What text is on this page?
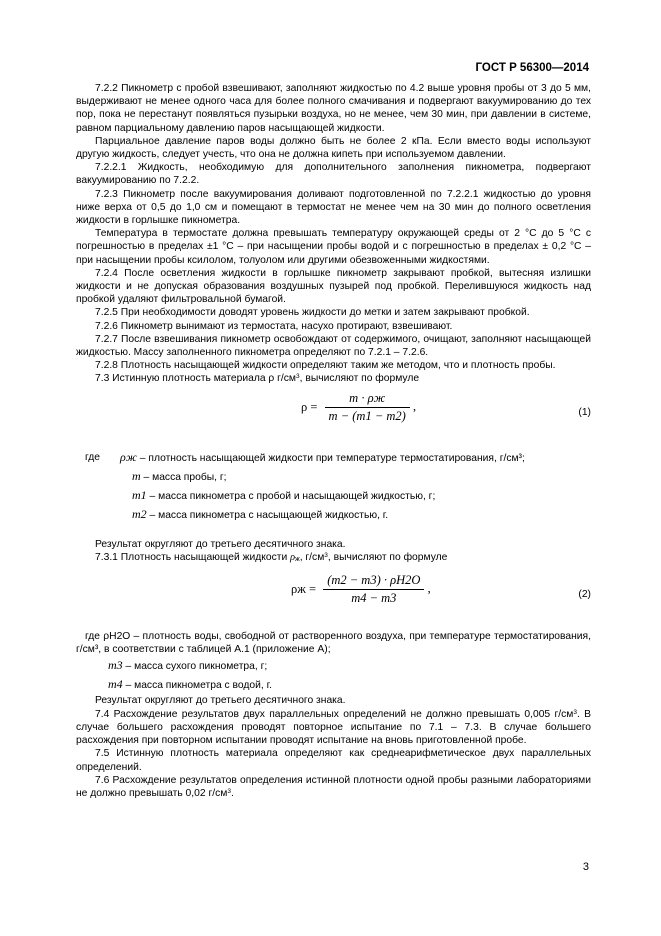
ГОСТ Р 56300—2014

7.2.2 Пикнометр с пробой взвешивают, заполняют жидкостью по 4.2 выше уровня пробы от 3 до 5 мм, выдерживают не менее одного часа для более полного смачивания и подвергают вакуумированию до тех пор, пока не перестанут появляться пузырьки воздуха, но не менее, чем 30 мин, при давлении в системе, равном парциальному давлению паров насыщающей жидкости.

Парциальное давление паров воды должно быть не более 2 кПа. Если вместо воды используют другую жидкость, следует учесть, что она не должна кипеть при используемом давлении.

7.2.2.1 Жидкость, необходимую для дополнительного заполнения пикнометра, подвергают вакуумированию по 7.2.2.

7.2.3 Пикнометр после вакуумирования доливают подготовленной по 7.2.2.1 жидкостью до уровня ниже верха от 0,5 до 1,0 см и помещают в термостат не менее чем на 30 мин до полного осветления жидкости в горлышке пикнометра.

Температура в термостате должна превышать температуру окружающей среды от 2 °С до 5 °С с погрешностью в пределах ±1 °С – при насыщении пробы водой и с погрешностью в пределах ± 0,2 °С – при насыщении пробы ксилолом, толуолом или другими обезвоженными жидкостями.

7.2.4 После осветления жидкости в горлышке пикнометр закрывают пробкой, вытесняя излишки жидкости и не допуская образования воздушных пузырей под пробкой. Перелившуюся жидкость над пробкой удаляют фильтровальной бумагой.

7.2.5 При необходимости доводят уровень жидкости до метки и затем закрывают пробкой.

7.2.6 Пикнометр вынимают из термостата, насухо протирают, взвешивают.

7.2.7 После взвешивания пикнометр освобождают от содержимого, очищают, заполняют насыщающей жидкостью. Массу заполненного пикнометра определяют по 7.2.1 – 7.2.6.

7.2.8 Плотность насыщающей жидкости определяют таким же методом, что и плотность пробы.

7.3 Истинную плотность материала ρ $г/см^3$, вычисляют по формуле

$\rho = \frac{m \cdot \rho ж}{m - (m1 - m2)}$ ,	(1)
где ρж – плотность насыщающей жидкости при температуре термостатирования, г/см³;
m – масса пробы, г;
m1 – масса пикнометра с пробой и насыщающей жидкостью, г;
m2 – масса пикнометра с насыщающей жидкостью, г.

Результат округляют до третьего десятичного знака.

7.3.1 Плотность насыщающей жидкости ρж, $г/см^3$, вычисляют по формуле

$\rho ж = \frac{(m2 - m3) \cdot \rho H2O}{m4 - m3}$ ,	(2)

где ρH2O – плотность воды, свободной от растворенного воздуха, при температуре термостатирования, г/см³, в соответствии с таблицей А.1 (приложение А);

m3 – масса сухого пикнометра, г;
m4 – масса пикнометра с водой, г.

Результат округляют до третьего десятичного знака.

7.4 Расхождение результатов двух параллельных определений не должно превышать 0,005 $г/см^3$. В случае большего расхождения проводят повторное испытание по 7.1 – 7.3. В случае большего расхождения при повторном испытании проводят испытание на вновь приготовленной пробе.

7.5 Истинную плотность материала определяют как среднеарифметическое двух параллельных определений.

7.6 Расхождение результатов определения истинной плотности одной пробы разными лабораториями не должно превышать 0,02 $г/см^3$.

3
